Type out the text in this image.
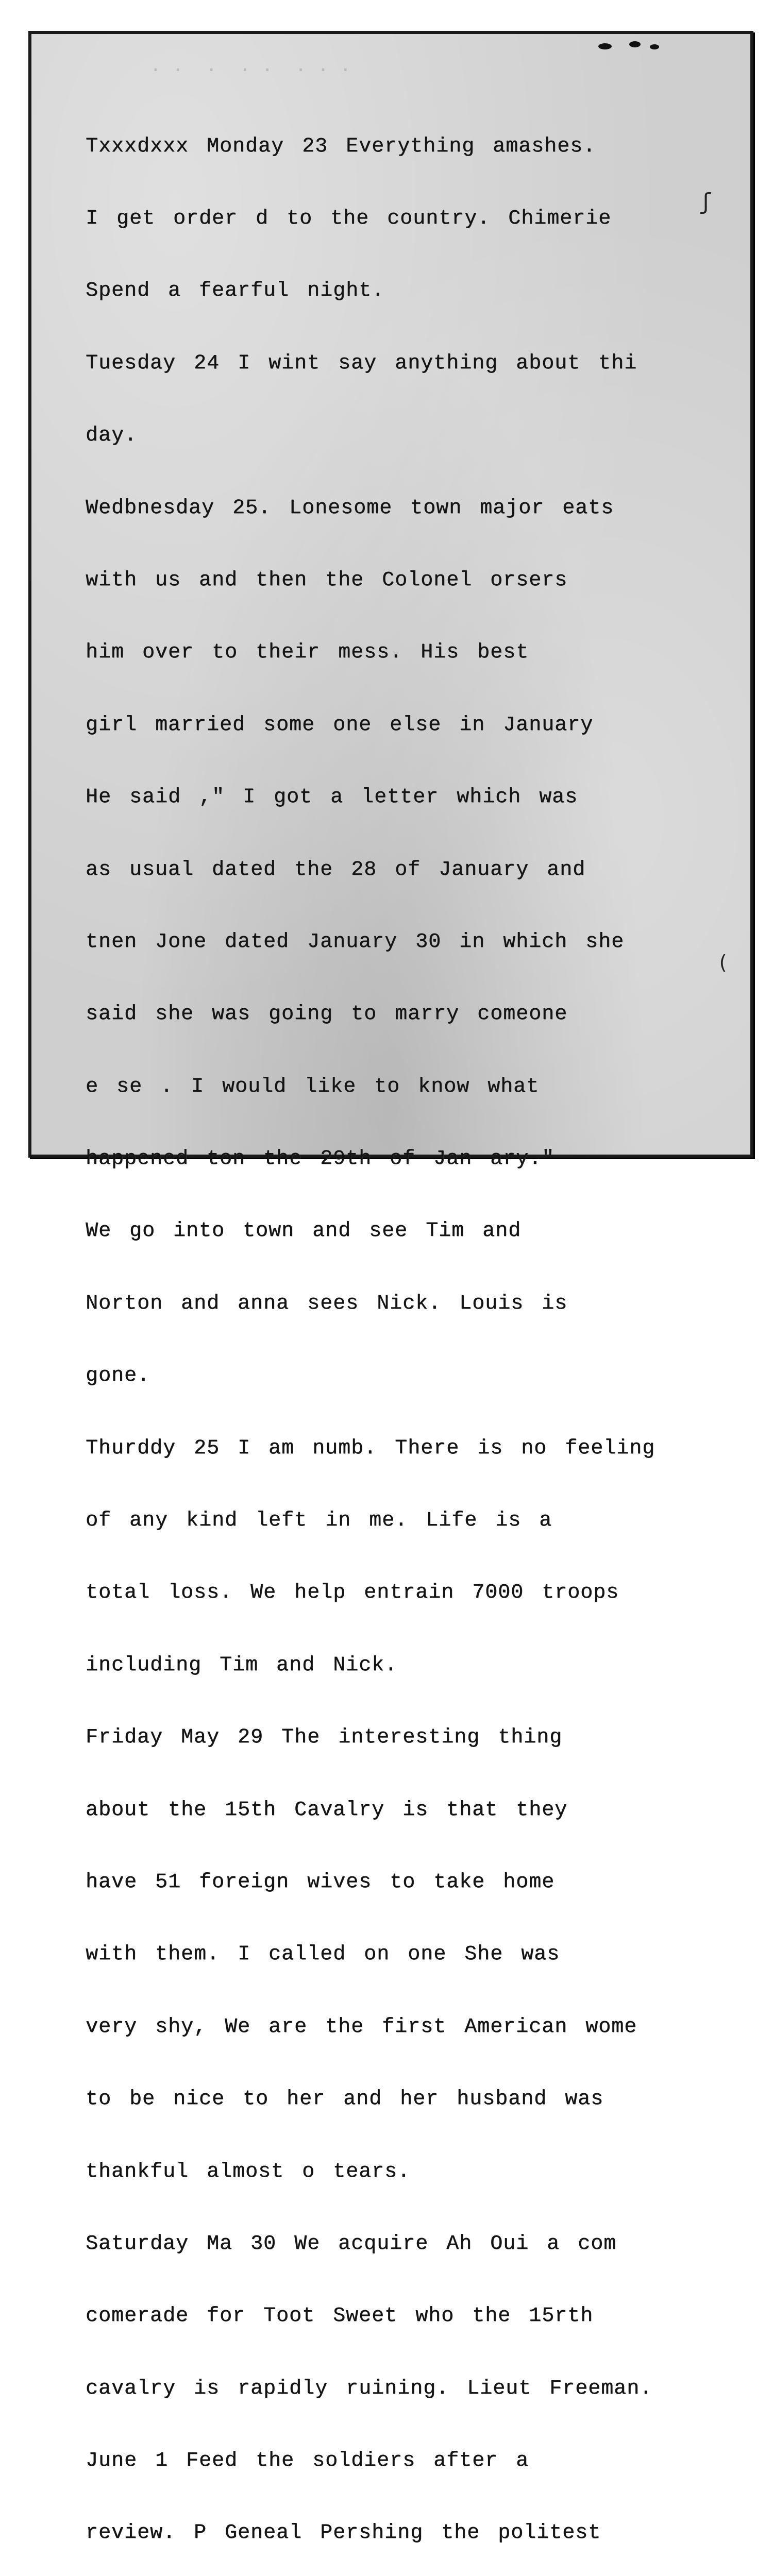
. . .  . .  .  . .

Txxxdxxx Monday 23 Everything amashes.

I get order d to the country. Chimerie

Spend a fearful night.

Tuesday 24 I wint say anything about thi

day.

Wedbnesday 25. Lonesome town major eats

with us and then the Colonel orsers

him over to their mess. His best

girl married some one else in January

He said ," I got a letter which was

as usual dated the 28 of January and

tnen Jone dated January 30 in which she

said she was going to marry comeone

e se . I would like to know what

happened ton the 29th of Jan ary."

We go into town and see Tim and

Norton and anna sees Nick. Louis is

gone.

Thurddy 25 I am numb. There is no feeling

of any kind left in me. Life is a

total loss. We help entrain 7000 troops

including Tim and Nick.

Friday May 29 The interesting thing

about the 15th Cavalry is that they

have 51 foreign wives to take home

with them. I called on one She was

very shy, We are the first American wome

to be nice to her and her husband was

thankful almost o tears.

Saturday Ma 30 We acquire Ah Oui a com

comerade for Toot Sweet who the 15rth

cavalry is rapidly ruining. Lieut Freeman.

June 1 Feed the soldiers after a

review. P Geneal Pershing the politest

ʃ
(
